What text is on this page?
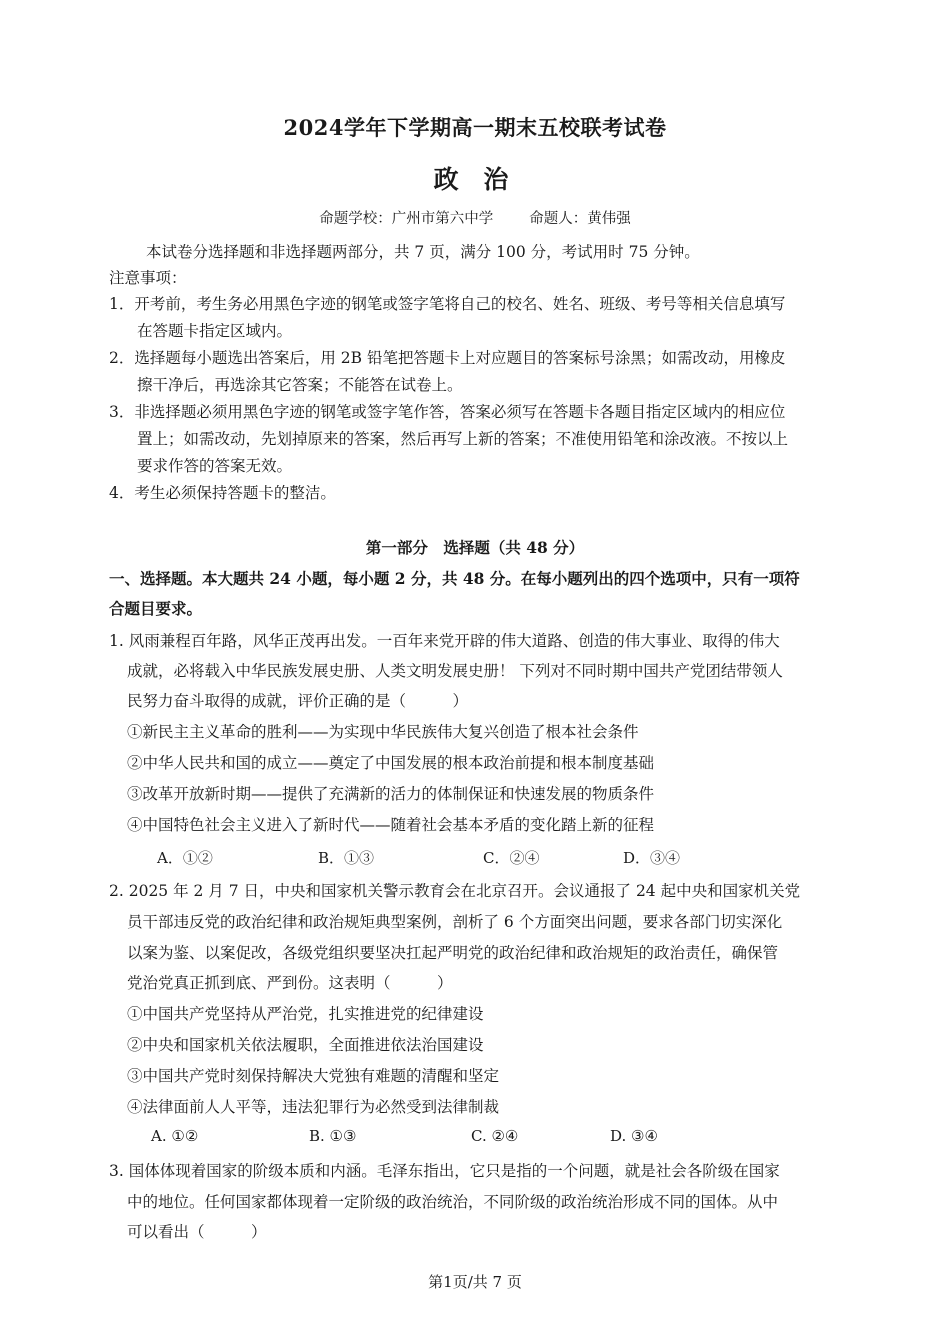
2024学年下学期高一期末五校联考试卷
政 治
命题学校：广州市第六中学 命题人：黄伟强
本试卷分选择题和非选择题两部分，共 7 页，满分 100 分，考试用时 75 分钟。
注意事项：
1．开考前，考生务必用黑色字迹的钢笔或签字笔将自己的校名、姓名、班级、考号等相关信息填写
在答题卡指定区域内。
2．选择题每小题选出答案后，用 2B 铅笔把答题卡上对应题目的答案标号涂黑；如需改动，用橡皮
擦干净后，再选涂其它答案；不能答在试卷上。
3．非选择题必须用黑色字迹的钢笔或签字笔作答，答案必须写在答题卡各题目指定区域内的相应位
置上；如需改动，先划掉原来的答案，然后再写上新的答案；不准使用铅笔和涂改液。不按以上
要求作答的答案无效。
4．考生必须保持答题卡的整洁。
第一部分　选择题（共 48 分）
一、选择题。本大题共 24 小题，每小题 2 分，共 48 分。在每小题列出的四个选项中，只有一项符
合题目要求。
1. 风雨兼程百年路，风华正茂再出发。一百年来党开辟的伟大道路、创造的伟大事业、取得的伟大
成就，必将载入中华民族发展史册、人类文明发展史册！ 下列对不同时期中国共产党团结带领人
民努力奋斗取得的成就，评价正确的是（　　　）
①新民主主义革命的胜利——为实现中华民族伟大复兴创造了根本社会条件
②中华人民共和国的成立——奠定了中国发展的根本政治前提和根本制度基础
③改革开放新时期——提供了充满新的活力的体制保证和快速发展的物质条件
④中国特色社会主义进入了新时代——随着社会基本矛盾的变化踏上新的征程
A．①②	B．①③	C．②④	D．③④
2. 2025 年 2 月 7 日，中央和国家机关警示教育会在北京召开。会议通报了 24 起中央和国家机关党
员干部违反党的政治纪律和政治规矩典型案例，剖析了 6 个方面突出问题，要求各部门切实深化
以案为鉴、以案促改，各级党组织要坚决扛起严明党的政治纪律和政治规矩的政治责任，确保管
党治党真正抓到底、严到份。这表明（　　　）
①中国共产党坚持从严治党，扎实推进党的纪律建设
②中央和国家机关依法履职，全面推进依法治国建设
③中国共产党时刻保持解决大党独有难题的清醒和坚定
④法律面前人人平等，违法犯罪行为必然受到法律制裁
A. ①②	B. ①③	C. ②④	D. ③④
3. 国体体现着国家的阶级本质和内涵。毛泽东指出，它只是指的一个问题，就是社会各阶级在国家
中的地位。任何国家都体现着一定阶级的政治统治，不同阶级的政治统治形成不同的国体。从中
可以看出（　　　）
第1页/共 7 页
